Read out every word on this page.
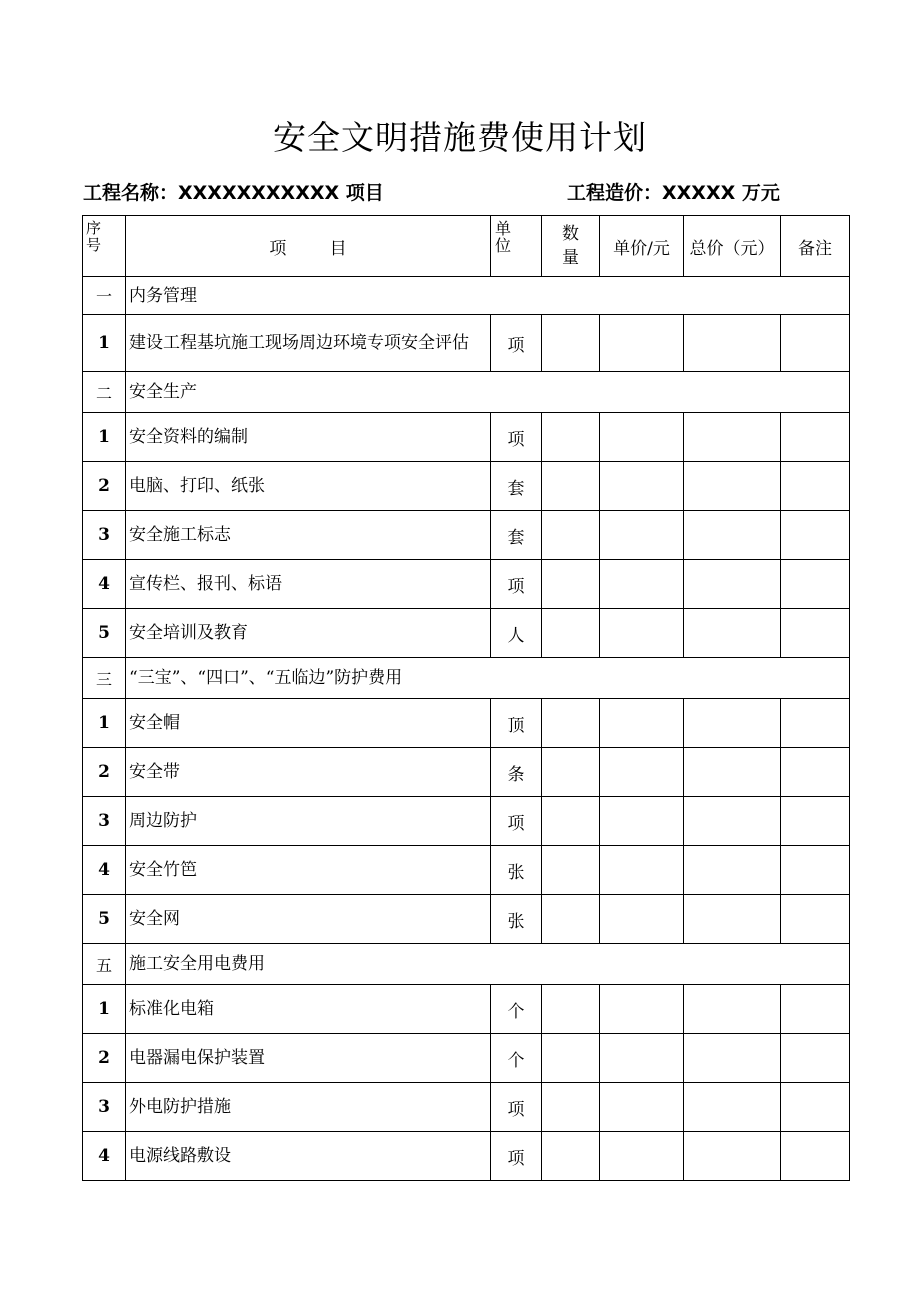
安全文明措施费使用计划
工程名称：XXXXXXXXXXX 项目	工程造价：XXXXX 万元
序号	项        目	单位	数量	单价/元	总价（元）	备注
一	内务管理					
1	建设工程基坑施工现场周边环境专项安全评估	项				
二	安全生产					
1	安全资料的编制	项				
2	电脑、打印、纸张	套				
3	安全施工标志	套				
4	宣传栏、报刊、标语	项				
5	安全培训及教育	人				
三	“三宝”、“四口”、“五临边”防护费用					
1	安全帽	顶				
2	安全带	条				
3	周边防护	项				
4	安全竹笆	张				
5	安全网	张				
五	施工安全用电费用					
1	标准化电箱	个				
2	电器漏电保护装置	个				
3	外电防护措施	项				
4	电源线路敷设	项				
